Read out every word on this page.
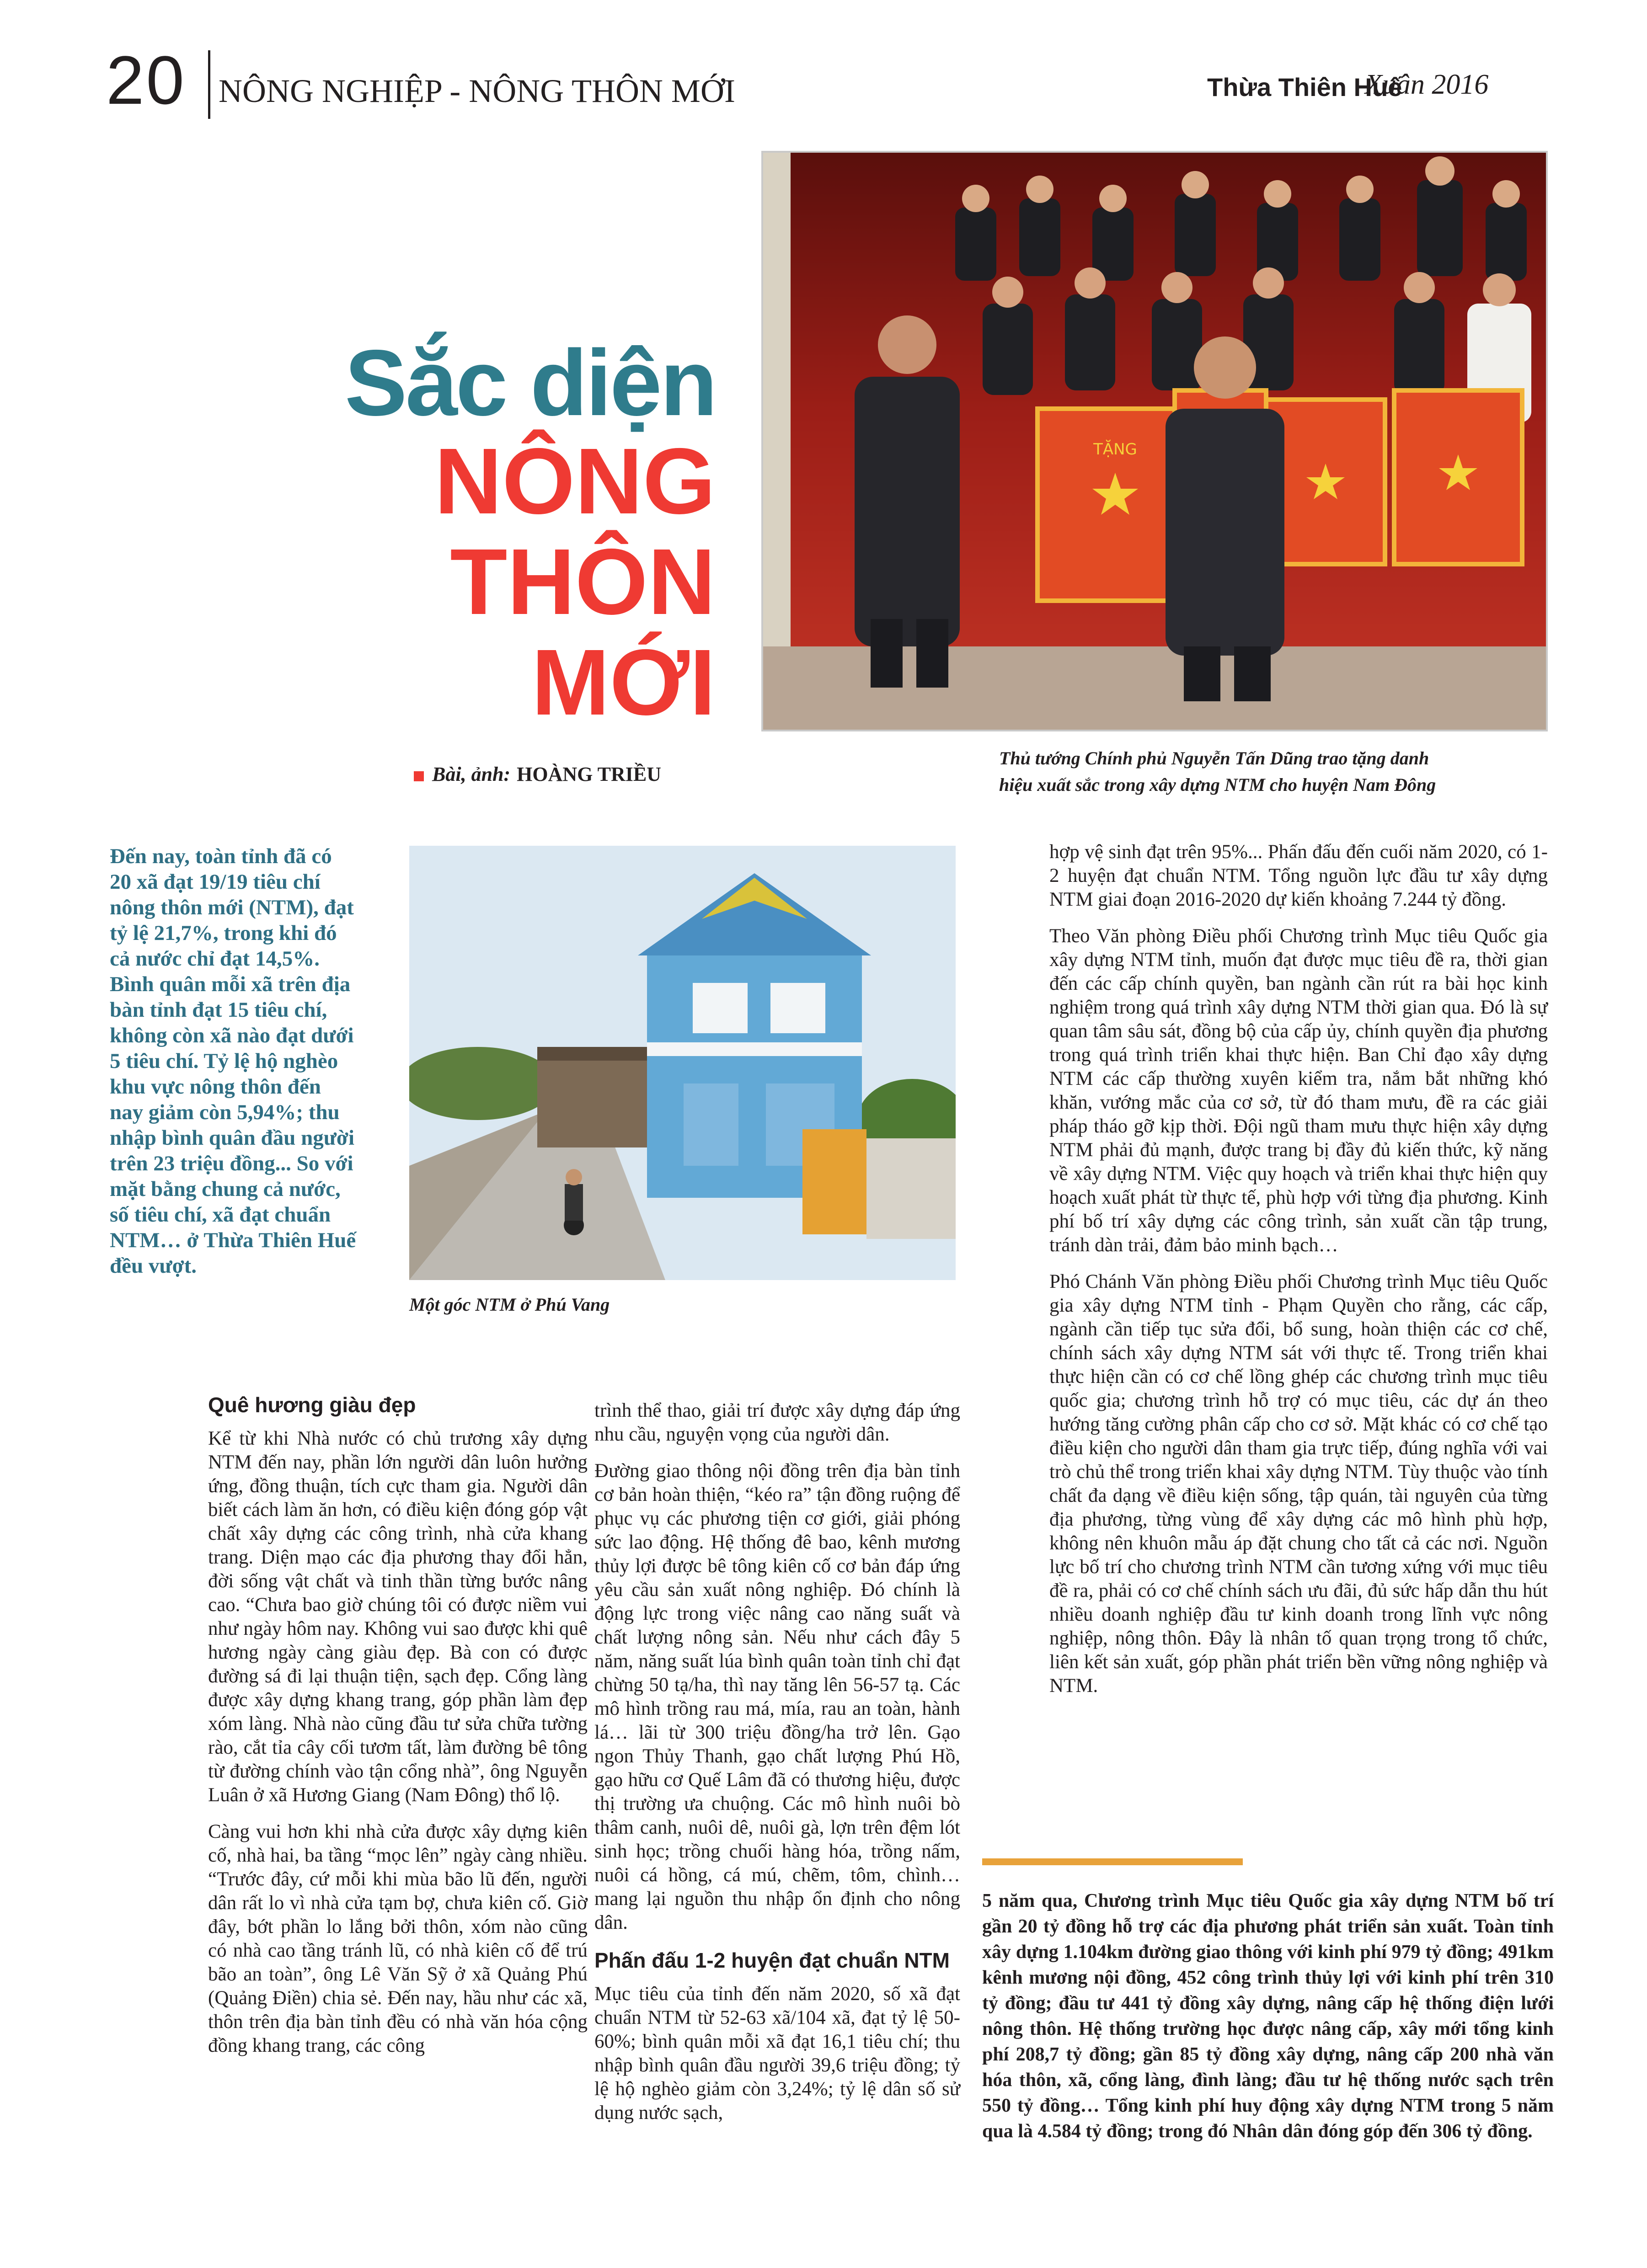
20 NÔNG NGHIỆP - NÔNG THÔN MỚI	Thừa Thiên Huế
Xuân 2016
Sắc diện
NÔNG
THÔN
MỚI
Bài, ảnh: HOÀNG TRIỀU
TẶNG
Thủ tướng Chính phủ Nguyễn Tấn Dũng trao tặng danh
hiệu xuất sắc trong xây dựng NTM cho huyện Nam Đông
Đến nay, toàn tỉnh đã có 20 xã đạt 19/19 tiêu chí nông thôn mới (NTM), đạt tỷ lệ 21,7%, trong khi đó cả nước chỉ đạt 14,5%. Bình quân mỗi xã trên địa bàn tỉnh đạt 15 tiêu chí, không còn xã nào đạt dưới 5 tiêu chí. Tỷ lệ hộ nghèo khu vực nông thôn đến nay giảm còn 5,94%; thu nhập bình quân đầu người trên 23 triệu đồng... So với mặt bằng chung cả nước, số tiêu chí, xã đạt chuẩn NTM… ở Thừa Thiên Huế đều vượt.
Một góc NTM ở Phú Vang
Quê hương giàu đẹp

Kể từ khi Nhà nước có chủ trương xây dựng NTM đến nay, phần lớn người dân luôn hưởng ứng, đồng thuận, tích cực tham gia. Người dân biết cách làm ăn hơn, có điều kiện đóng góp vật chất xây dựng các công trình, nhà cửa khang trang. Diện mạo các địa phương thay đổi hẳn, đời sống vật chất và tinh thần từng bước nâng cao. “Chưa bao giờ chúng tôi có được niềm vui như ngày hôm nay. Không vui sao được khi quê hương ngày càng giàu đẹp. Bà con có được đường sá đi lại thuận tiện, sạch đẹp. Cổng làng được xây dựng khang trang, góp phần làm đẹp xóm làng. Nhà nào cũng đầu tư sửa chữa tường rào, cắt tỉa cây cối tươm tất, làm đường bê tông từ đường chính vào tận cổng nhà”, ông Nguyễn Luân ở xã Hương Giang (Nam Đông) thổ lộ.

Càng vui hơn khi nhà cửa được xây dựng kiên cố, nhà hai, ba tầng “mọc lên” ngày càng nhiều. “Trước đây, cứ mỗi khi mùa bão lũ đến, người dân rất lo vì nhà cửa tạm bợ, chưa kiên cố. Giờ đây, bớt phần lo lắng bởi thôn, xóm nào cũng có nhà cao tầng tránh lũ, có nhà kiên cố để trú bão an toàn”, ông Lê Văn Sỹ ở xã Quảng Phú (Quảng Điền) chia sẻ. Đến nay, hầu như các xã, thôn trên địa bàn tỉnh đều có nhà văn hóa cộng đồng khang trang, các công

trình thể thao, giải trí được xây dựng đáp ứng nhu cầu, nguyện vọng của người dân.

Đường giao thông nội đồng trên địa bàn tỉnh cơ bản hoàn thiện, “kéo ra” tận đồng ruộng để phục vụ các phương tiện cơ giới, giải phóng sức lao động. Hệ thống đê bao, kênh mương thủy lợi được bê tông kiên cố cơ bản đáp ứng yêu cầu sản xuất nông nghiệp. Đó chính là động lực trong việc nâng cao năng suất và chất lượng nông sản. Nếu như cách đây 5 năm, năng suất lúa bình quân toàn tỉnh chỉ đạt chừng 50 tạ/ha, thì nay tăng lên 56-57 tạ. Các mô hình trồng rau má, mía, rau an toàn, hành lá… lãi từ 300 triệu đồng/ha trở lên. Gạo ngon Thủy Thanh, gạo chất lượng Phú Hồ, gạo hữu cơ Quế Lâm đã có thương hiệu, được thị trường ưa chuộng. Các mô hình nuôi bò thâm canh, nuôi dê, nuôi gà, lợn trên đệm lót sinh học; trồng chuối hàng hóa, trồng nấm, nuôi cá hồng, cá mú, chẽm, tôm, chình… mang lại nguồn thu nhập ổn định cho nông dân.

Phấn đấu 1-2 huyện đạt chuẩn NTM

Mục tiêu của tỉnh đến năm 2020, số xã đạt chuẩn NTM từ 52-63 xã/104 xã, đạt tỷ lệ 50-60%; bình quân mỗi xã đạt 16,1 tiêu chí; thu nhập bình quân đầu người 39,6 triệu đồng; tỷ lệ hộ nghèo giảm còn 3,24%; tỷ lệ dân số sử dụng nước sạch,

hợp vệ sinh đạt trên 95%... Phấn đấu đến cuối năm 2020, có 1-2 huyện đạt chuẩn NTM. Tổng nguồn lực đầu tư xây dựng NTM giai đoạn 2016-2020 dự kiến khoảng 7.244 tỷ đồng.

Theo Văn phòng Điều phối Chương trình Mục tiêu Quốc gia xây dựng NTM tỉnh, muốn đạt được mục tiêu đề ra, thời gian đến các cấp chính quyền, ban ngành cần rút ra bài học kinh nghiệm trong quá trình xây dựng NTM thời gian qua. Đó là sự quan tâm sâu sát, đồng bộ của cấp ủy, chính quyền địa phương trong quá trình triển khai thực hiện. Ban Chỉ đạo xây dựng NTM các cấp thường xuyên kiểm tra, nắm bắt những khó khăn, vướng mắc của cơ sở, từ đó tham mưu, đề ra các giải pháp tháo gỡ kịp thời. Đội ngũ tham mưu thực hiện xây dựng NTM phải đủ mạnh, được trang bị đầy đủ kiến thức, kỹ năng về xây dựng NTM. Việc quy hoạch và triển khai thực hiện quy hoạch xuất phát từ thực tế, phù hợp với từng địa phương. Kinh phí bố trí xây dựng các công trình, sản xuất cần tập trung, tránh dàn trải, đảm bảo minh bạch…

Phó Chánh Văn phòng Điều phối Chương trình Mục tiêu Quốc gia xây dựng NTM tỉnh - Phạm Quyền cho rằng, các cấp, ngành cần tiếp tục sửa đổi, bổ sung, hoàn thiện các cơ chế, chính sách xây dựng NTM sát với thực tế. Trong triển khai thực hiện cần có cơ chế lồng ghép các chương trình mục tiêu quốc gia; chương trình hỗ trợ có mục tiêu, các dự án theo hướng tăng cường phân cấp cho cơ sở. Mặt khác có cơ chế tạo điều kiện cho người dân tham gia trực tiếp, đúng nghĩa với vai trò chủ thể trong triển khai xây dựng NTM. Tùy thuộc vào tính chất đa dạng về điều kiện sống, tập quán, tài nguyên của từng địa phương, từng vùng để xây dựng các mô hình phù hợp, không nên khuôn mẫu áp đặt chung cho tất cả các nơi. Nguồn lực bố trí cho chương trình NTM cần tương xứng với mục tiêu đề ra, phải có cơ chế chính sách ưu đãi, đủ sức hấp dẫn thu hút nhiều doanh nghiệp đầu tư kinh doanh trong lĩnh vực nông nghiệp, nông thôn. Đây là nhân tố quan trọng trong tổ chức, liên kết sản xuất, góp phần phát triển bền vững nông nghiệp và NTM.

5 năm qua, Chương trình Mục tiêu Quốc gia xây dựng NTM bố trí gần 20 tỷ đồng hỗ trợ các địa phương phát triển sản xuất. Toàn tỉnh xây dựng 1.104km đường giao thông với kinh phí 979 tỷ đồng; 491km kênh mương nội đồng, 452 công trình thủy lợi với kinh phí trên 310 tỷ đồng; đầu tư 441 tỷ đồng xây dựng, nâng cấp hệ thống điện lưới nông thôn. Hệ thống trường học được nâng cấp, xây mới tổng kinh phí 208,7 tỷ đồng; gần 85 tỷ đồng xây dựng, nâng cấp 200 nhà văn hóa thôn, xã, cổng làng, đình làng; đầu tư hệ thống nước sạch trên 550 tỷ đồng… Tổng kinh phí huy động xây dựng NTM trong 5 năm qua là 4.584 tỷ đồng; trong đó Nhân dân đóng góp đến 306 tỷ đồng.
